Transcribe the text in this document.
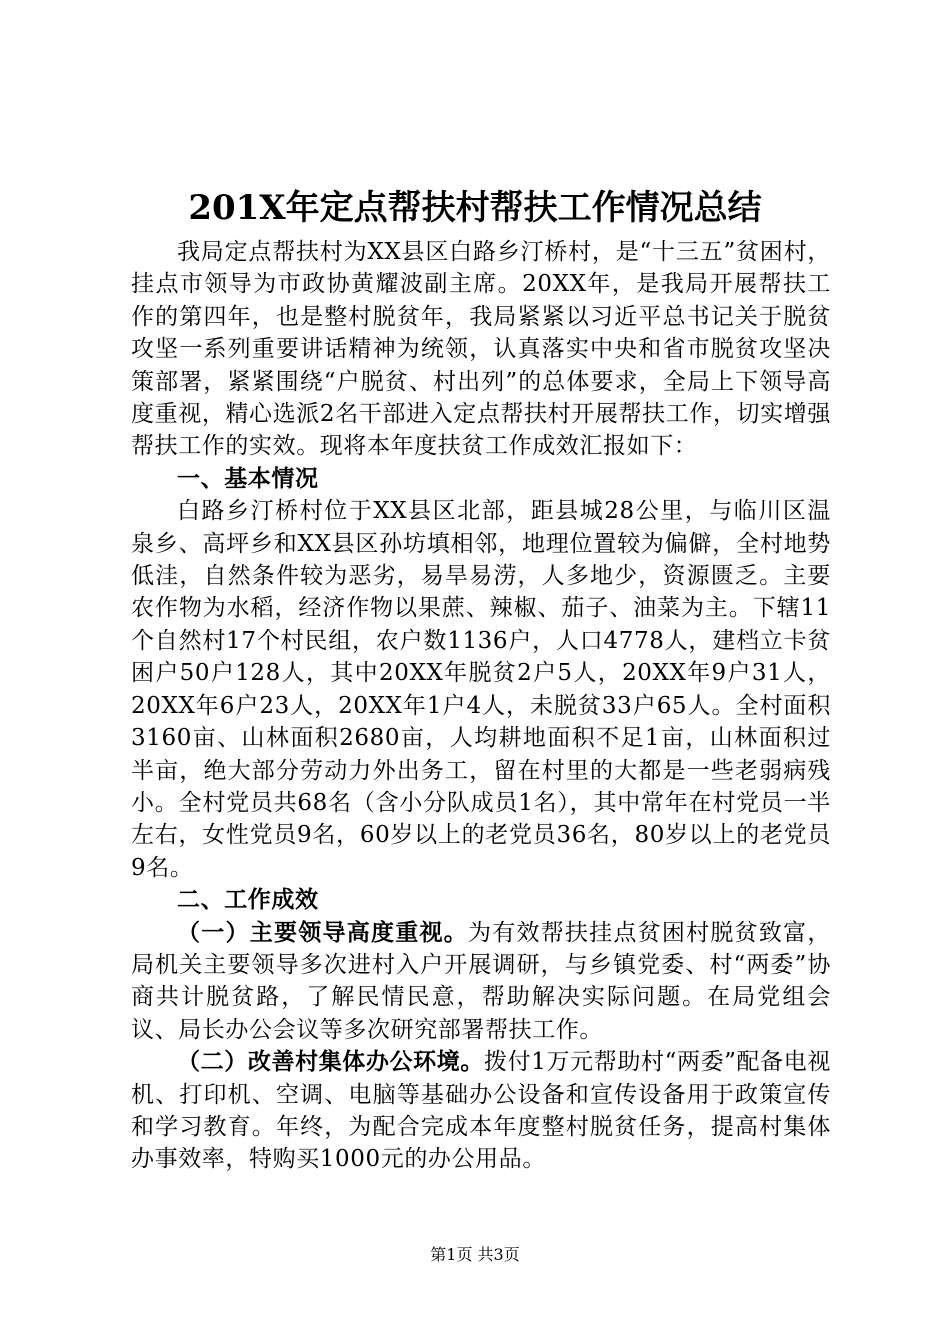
201X年定点帮扶村帮扶工作情况总结

我局定点帮扶村为XX县区白路乡汀桥村，是“十三五”贫困村，挂点市领导为市政协黄耀波副主席。20XX年，是我局开展帮扶工作的第四年，也是整村脱贫年，我局紧紧以习近平总书记关于脱贫攻坚一系列重要讲话精神为统领，认真落实中央和省市脱贫攻坚决策部署，紧紧围绕“户脱贫、村出列”的总体要求，全局上下领导高度重视，精心选派2名干部进入定点帮扶村开展帮扶工作，切实增强帮扶工作的实效。现将本年度扶贫工作成效汇报如下：

一、基本情况

白路乡汀桥村位于XX县区北部，距县城28公里，与临川区温泉乡、高坪乡和XX县区孙坊填相邻，地理位置较为偏僻，全村地势低洼，自然条件较为恶劣，易旱易涝，人多地少，资源匮乏。主要农作物为水稻，经济作物以果蔗、辣椒、茄子、油菜为主。下辖11个自然村17个村民组，农户数1136户，人口4778人，建档立卡贫困户50户128人，其中20XX年脱贫2户5人，20XX年9户31人，20XX年6户23人，20XX年1户4人，未脱贫33户65人。全村面积3160亩、山林面积2680亩，人均耕地面积不足1亩，山林面积过半亩，绝大部分劳动力外出务工，留在村里的大都是一些老弱病残小。全村党员共68名（含小分队成员1名），其中常年在村党员一半左右，女性党员9名，60岁以上的老党员36名，80岁以上的老党员9名。

二、工作成效

（一）主要领导高度重视。为有效帮扶挂点贫困村脱贫致富，局机关主要领导多次进村入户开展调研，与乡镇党委、村“两委”协商共计脱贫路，了解民情民意，帮助解决实际问题。在局党组会议、局长办公会议等多次研究部署帮扶工作。

（二）改善村集体办公环境。拨付1万元帮助村“两委”配备电视机、打印机、空调、电脑等基础办公设备和宣传设备用于政策宣传和学习教育。年终，为配合完成本年度整村脱贫任务，提高村集体办事效率，特购买1000元的办公用品。

第1页 共3页
